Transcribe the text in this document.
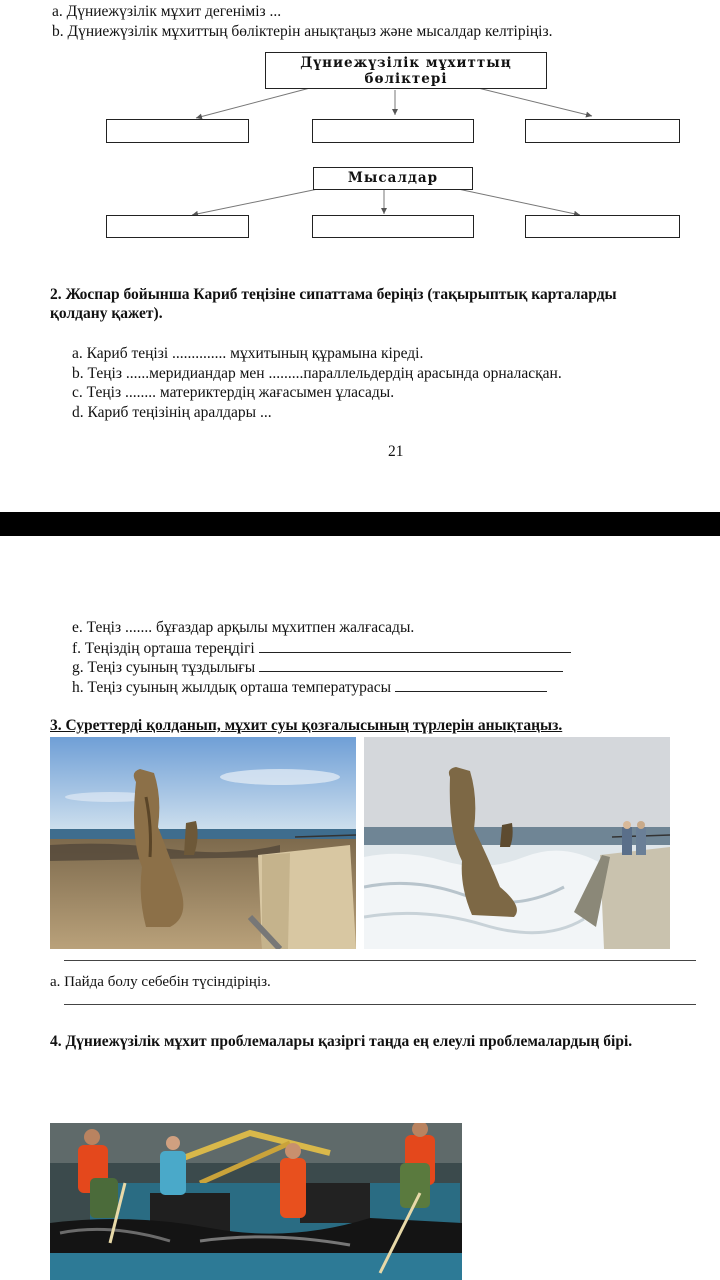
a. Дүниежүзілік мұхит дегеніміз ...
b. Дүниежүзілік мұхиттың бөліктерін анықтаңыз және мысалдар келтіріңіз.
Дүниежүзілік мұхиттың
бөліктері
Мысалдар
2. Жоспар бойынша Кариб теңізіне сипаттама беріңіз (тақырыптық карталарды
қолдану қажет).
a. Кариб теңізі .............. мұхитының құрамына кіреді.
b. Теңіз ......меридиандар мен .........параллельдердің арасында орналасқан.
c. Теңіз ........ материктердің жағасымен ұласады.
d. Кариб теңізінің аралдары ...
21
e. Теңіз ....... бұғаздар арқылы мұхитпен жалғасады.
f. Теңіздің орташа тереңдігі
g. Теңіз суының тұздылығы
h. Теңіз суының жылдық орташа температурасы
3. Суреттерді қолданып, мұхит суы қозғалысының түрлерін анықтаңыз.
a. Пайда болу себебін түсіндіріңіз.
4. Дүниежүзілік мұхит проблемалары қазіргі таңда ең елеулі проблемалардың бірі.
